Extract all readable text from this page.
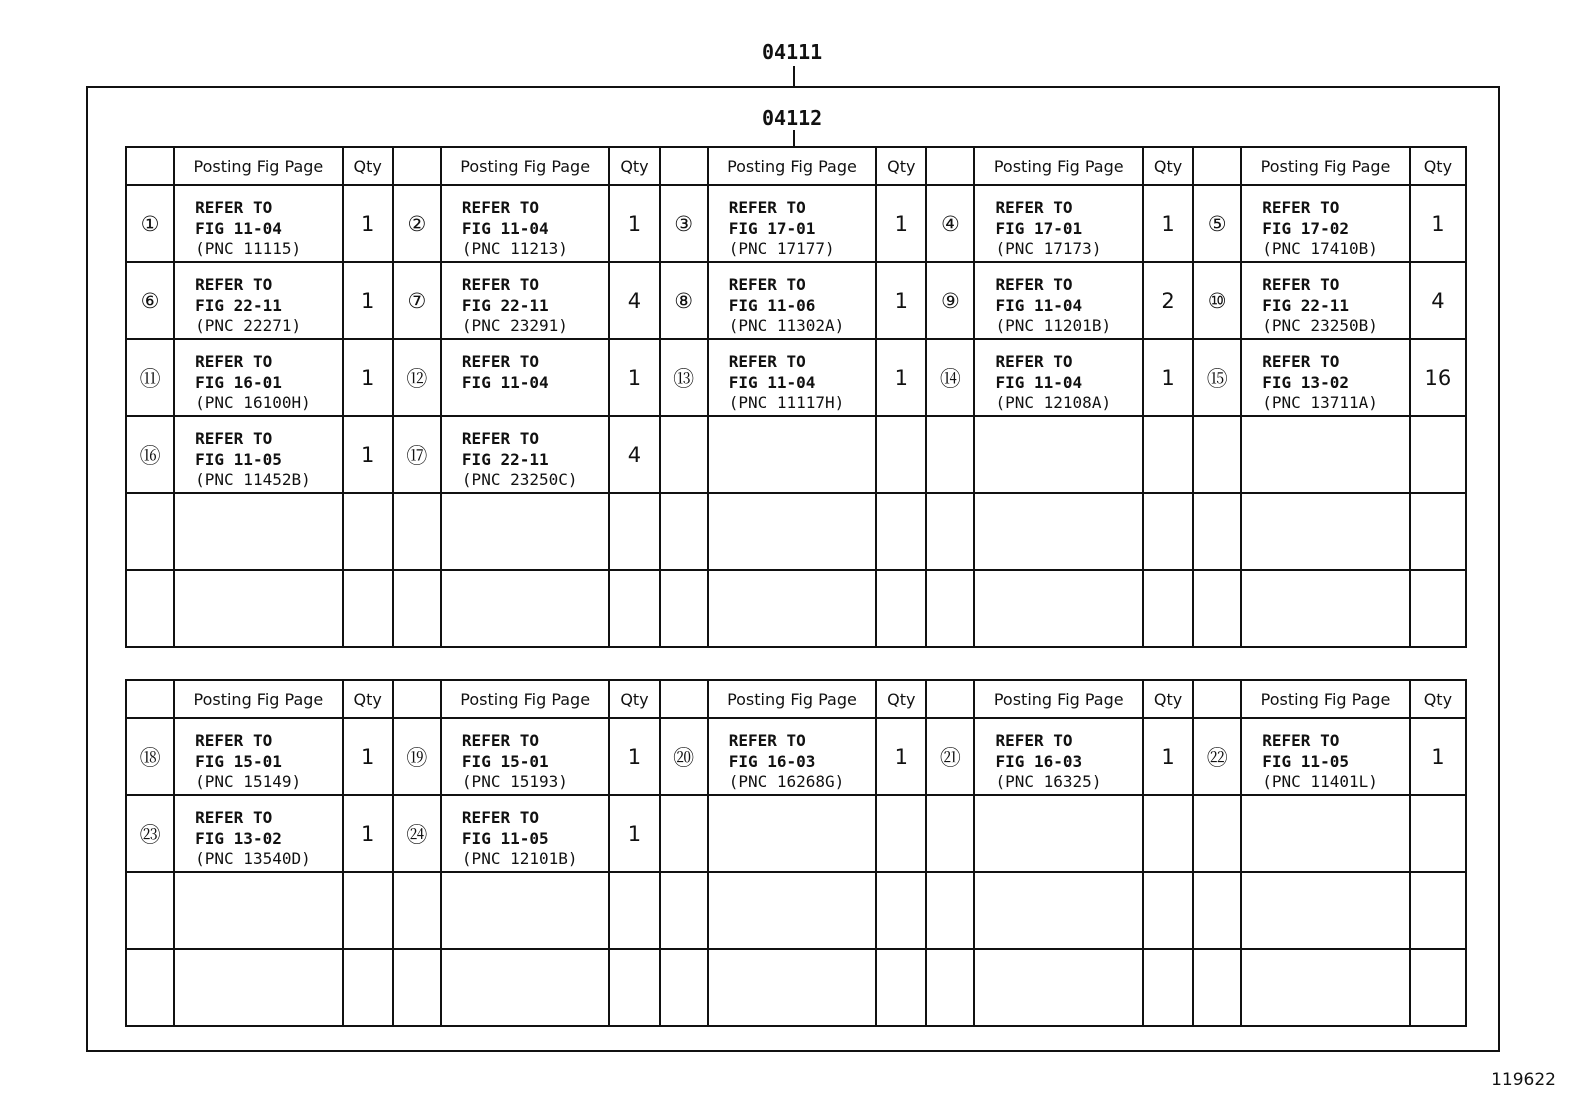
04111
04112
	Posting Fig Page	Qty		Posting Fig Page	Qty		Posting Fig Page	Qty		Posting Fig Page	Qty		Posting Fig Page	Qty
①	REFER TO
FIG 11-04
(PNC 11115)	1	②	REFER TO
FIG 11-04
(PNC 11213)	1	③	REFER TO
FIG 17-01
(PNC 17177)	1	④	REFER TO
FIG 17-01
(PNC 17173)	1	⑤	REFER TO
FIG 17-02
(PNC 17410B)	1
⑥	REFER TO
FIG 22-11
(PNC 22271)	1	⑦	REFER TO
FIG 22-11
(PNC 23291)	4	⑧	REFER TO
FIG 11-06
(PNC 11302A)	1	⑨	REFER TO
FIG 11-04
(PNC 11201B)	2	⑩	REFER TO
FIG 22-11
(PNC 23250B)	4
⑪	REFER TO
FIG 16-01
(PNC 16100H)	1	⑫	REFER TO
FIG 11-04	1	⑬	REFER TO
FIG 11-04
(PNC 11117H)	1	⑭	REFER TO
FIG 11-04
(PNC 12108A)	1	⑮	REFER TO
FIG 13-02
(PNC 13711A)	16
⑯	REFER TO
FIG 11-05
(PNC 11452B)	1	⑰	REFER TO
FIG 22-11
(PNC 23250C)	4		

	Posting Fig Page	Qty		Posting Fig Page	Qty		Posting Fig Page	Qty		Posting Fig Page	Qty		Posting Fig Page	Qty
⑱	REFER TO
FIG 15-01
(PNC 15149)	1	⑲	REFER TO
FIG 15-01
(PNC 15193)	1	⑳	REFER TO
FIG 16-03
(PNC 16268G)	1	㉑	REFER TO
FIG 16-03
(PNC 16325)	1	㉒	REFER TO
FIG 11-05
(PNC 11401L)	1
㉓	REFER TO
FIG 13-02
(PNC 13540D)	1	㉔	REFER TO
FIG 11-05
(PNC 12101B)	1		

119622
